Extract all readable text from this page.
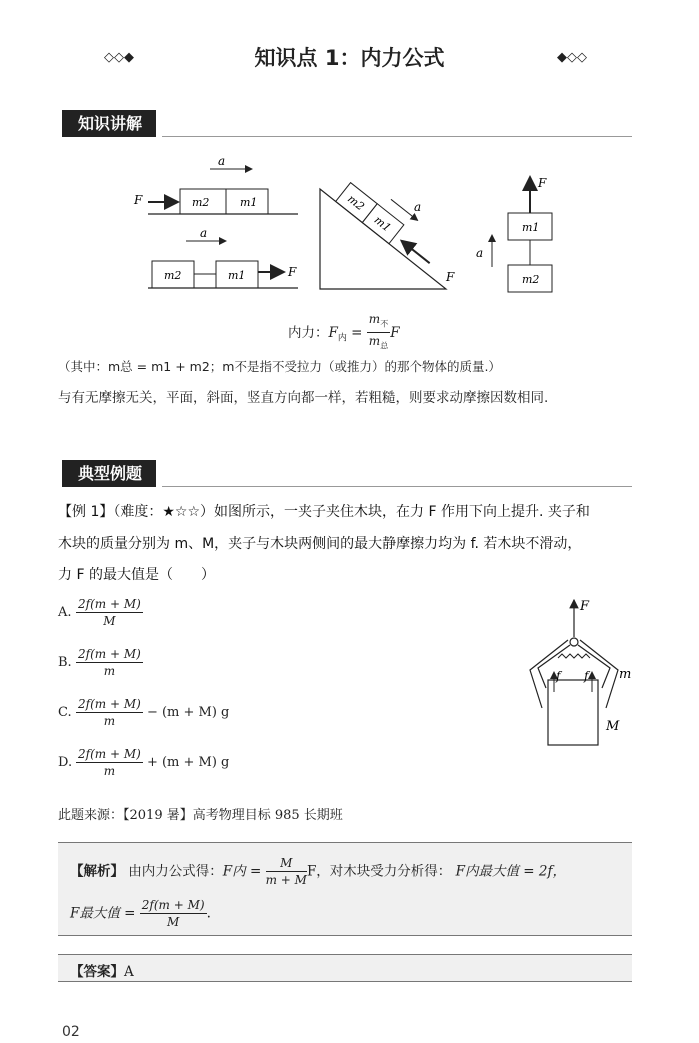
◇◇◆	知识点 1：内力公式	◆◇◇
知识讲解
a
m2	m1
F
a
m2	m1	F
m2
m1
a
F
F
m1
m2
a
内力：$F_内 = \frac{m_不}{m_总}$ F
（其中：m总 = m1 + m2；m不是指不受拉力（或推力）的那个物体的质量.）
与有无摩擦无关，平面，斜面，竖直方向都一样，若粗糙，则要求动摩擦因数相同.
典型例题
【例 1】（难度：★☆☆）如图所示，一夹子夹住木块，在力 F 作用下向上提升. 夹子和
木块的质量分别为 m、M，夹子与木块两侧间的最大静摩擦力均为 f. 若木块不滑动，
力 F 的最大值是（　　）
A. $\frac{2f(m + M)}{M}$
B. $\frac{2f(m + M)}{m}$
C. $\frac{2f(m + M)}{m} - (m + M)$ g
D. $\frac{2f(m + M)}{m} + (m + M)$ g
F
f f m
M
此题来源：【2019 暑】高考物理目标 985 长期班
【解析】 由内力公式得：F内 = $\frac{M}{m + M}$ F，对木块受力分析得： F内最大值 = 2f，
F最大值 = $\frac{2f(m + M)}{M}$ .
【答案】A
02
